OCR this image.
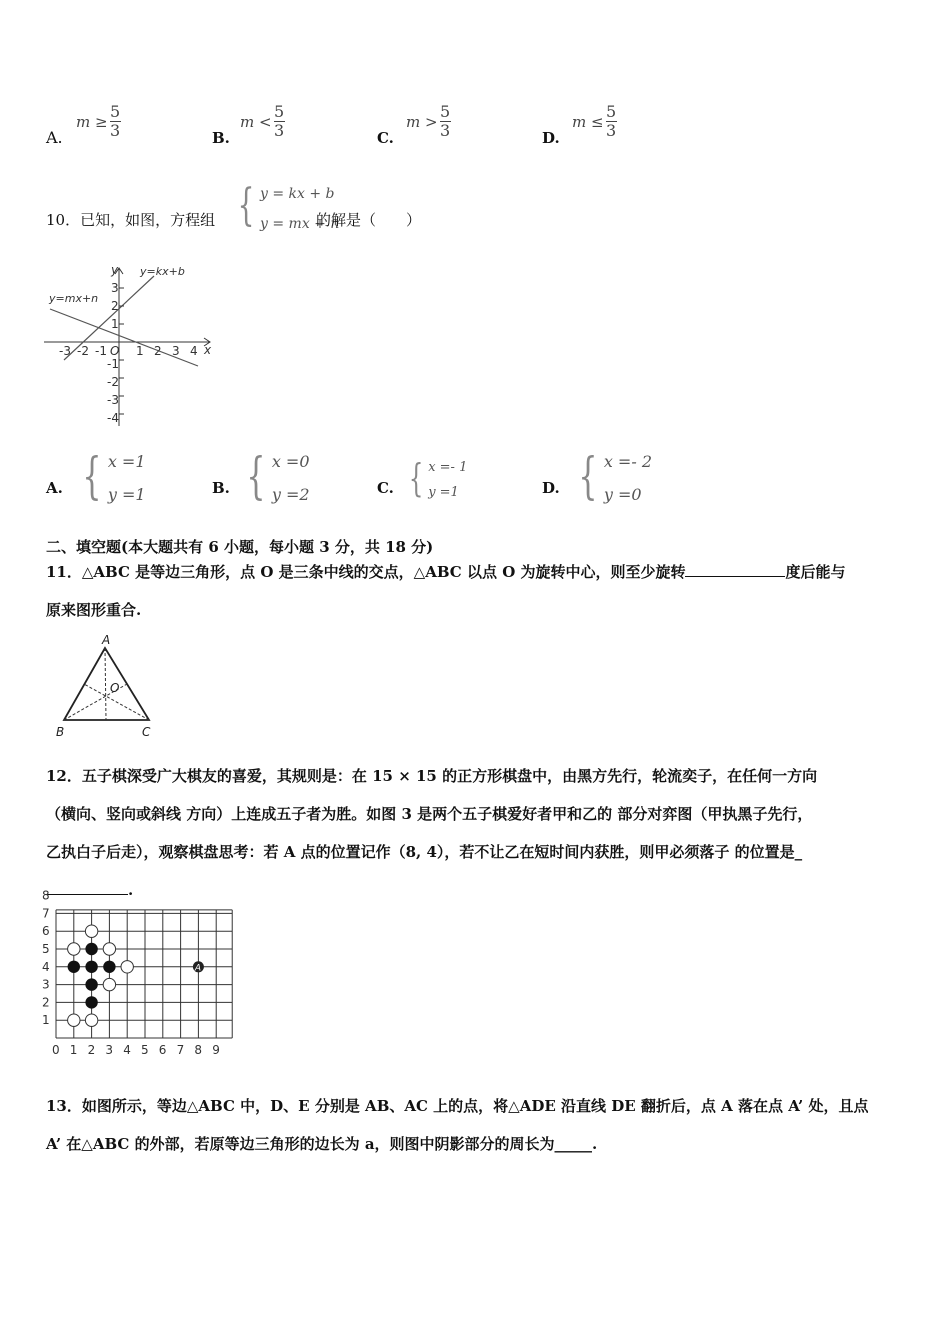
A.
$m \ge \frac{5}{3}$	B.
$m < \frac{5}{3}$	C.
$m > \frac{5}{3}$	D.
$m \le \frac{5}{3}$
10．已知，如图，方程组 { y = kx + b
y = mx + n
的解是（　　）
y=kx+b
y=mx+n
x
y
O
-3 -2 -1 1 2 3 4
3
2
1
-1
-2
-3
-4
A. { x =1
y =1	B. { x =0
y =2	C. { x =- 1
y =1	D. { x =- 2
y =0
二、填空题(本大题共有 6 小题，每小题 3 分，共 18 分)
11．△ABC 是等边三角形，点 O 是三条中线的交点，△ABC 以点 O 为旋转中心，则至少旋转	度后能与
原来图形重合.
A
B	C
O
12．五子棋深受广大棋友的喜爱，其规则是：在 15 × 15 的正方形棋盘中，由黑方先行，轮流奕子，在任何一方向
（横向、竖向或斜线 方向）上连成五子者为胜。如图 3 是两个五子棋爱好者甲和乙的 部分对弈图（甲执黑子先行，
乙执白子后走），观察棋盘思考：若 A 点的位置记作（8, 4），若不让乙在短时间内获胜，则甲必须落子 的位置是_
.
0 1 2 3 4 5 6 7 8 9
1
2
3
4
5
6
7
8
A
13．如图所示，等边△ABC 中，D、E 分别是 AB、AC 上的点，将△ADE 沿直线 DE 翻折后，点 A 落在点 A’ 处，且点
A’ 在△ABC 的外部，若原等边三角形的边长为 a，则图中阴影部分的周长为_____.
